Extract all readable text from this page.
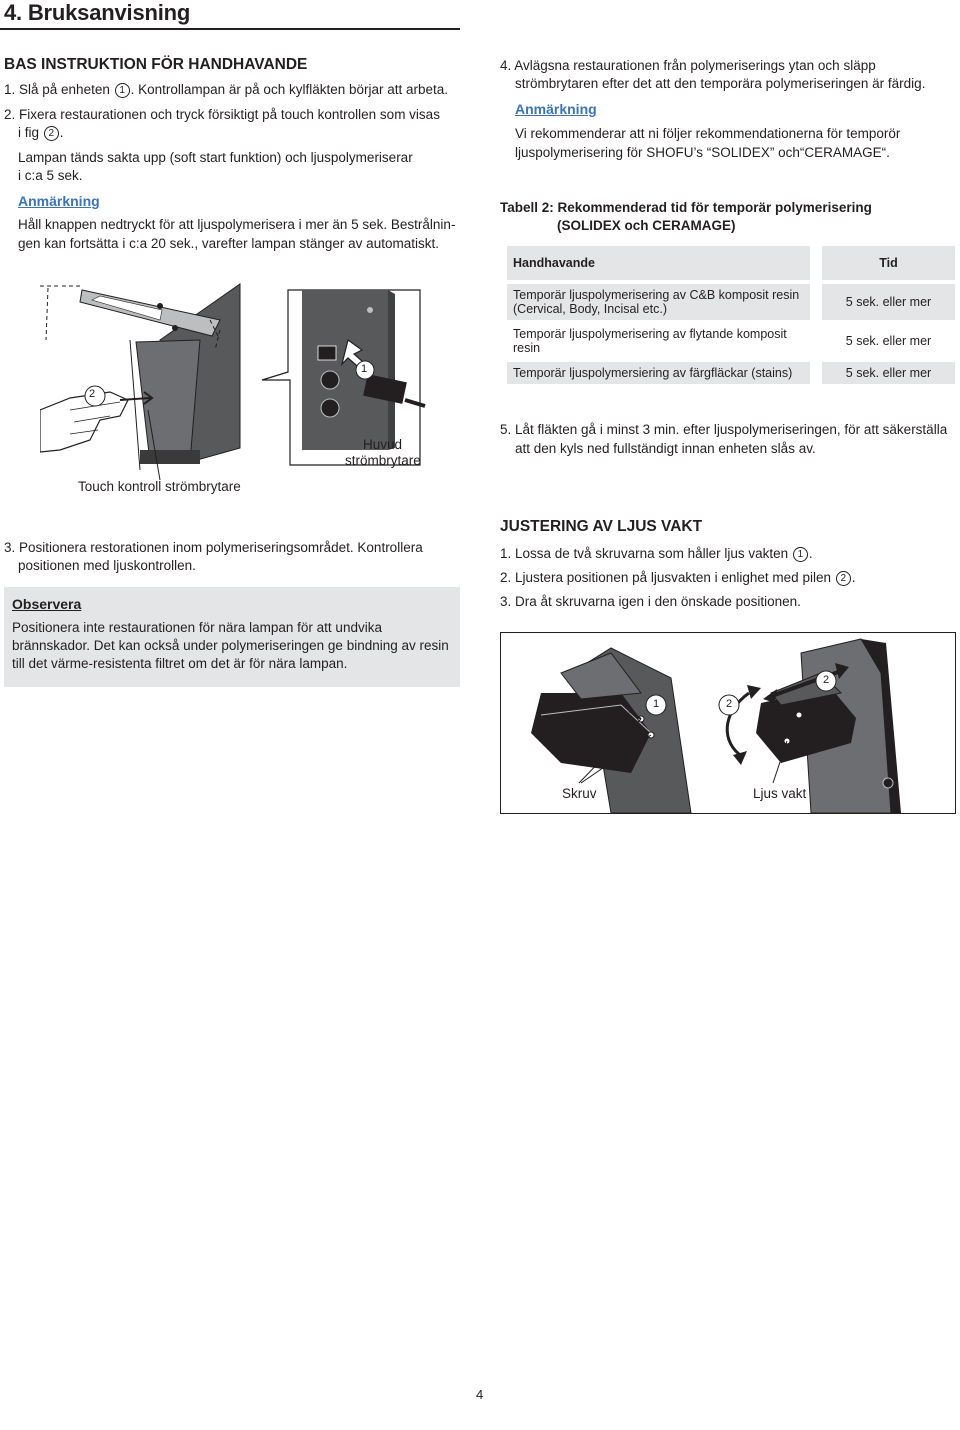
4. Bruksanvisning
BAS INSTRUKTION FÖR HANDHAVANDE
1. Slå på enheten 1 . Kontrollampan är på och kylfläkten börjar att arbeta.
2. Fixera restaurationen och tryck försiktigt på touch kontrollen som visas
i fig 2 .
Lampan tänds sakta upp (soft start funktion) och ljuspolymeriserar
i c:a 5 sek.
Anmärkning
Håll knappen nedtryckt för att ljuspolymerisera i mer än 5 sek. Bestrålnin-
gen kan fortsätta i c:a 20 sek., varefter lampan stänger av automatiskt.
2
1
Huvud
strömbrytare
Touch kontroll strömbrytare
3. Positionera restorationen inom polymeriseringsområdet. Kontrollera
positionen med ljuskontrollen.
Observera
Positionera inte restaurationen för nära lampan för att undvika
brännskador. Det kan också under polymeriseringen ge bindning av resin
till det värme-resistenta filtret om det är för nära lampan.
4. Avlägsna restaurationen från polymeriserings ytan och släpp
strömbrytaren efter det att den temporära polymeriseringen är färdig.
Anmärkning
Vi rekommenderar att ni följer rekommendationerna för temporör
ljuspolymerisering för SHOFU’s “SOLIDEX” och“CERAMAGE“.
Tabell 2: Rekommenderad tid för temporär polymerisering
(SOLIDEX och CERAMAGE)
Handhavande		Tid

Temporär ljuspolymerisering av C&B komposit resin
(Cervical, Body, Incisal etc.)		5 sek. eller mer

Temporär ljuspolymerisering av flytande komposit
resin		5 sek. eller mer

Temporär ljuspolymersiering av färgfläckar (stains)		5 sek. eller mer
5. Låt fläkten gå i minst 3 min. efter ljuspolymeriseringen, för att säkerställa
att den kyls ned fullständigt innan enheten slås av.
JUSTERING AV LJUS VAKT
1. Lossa de två skruvarna som håller ljus vakten 1 .
2. Ljustera positionen på ljusvakten i enlighet med pilen 2 .
3. Dra åt skruvarna igen i den önskade positionen.
1	2
2
Skruv	Ljus vakt
4
